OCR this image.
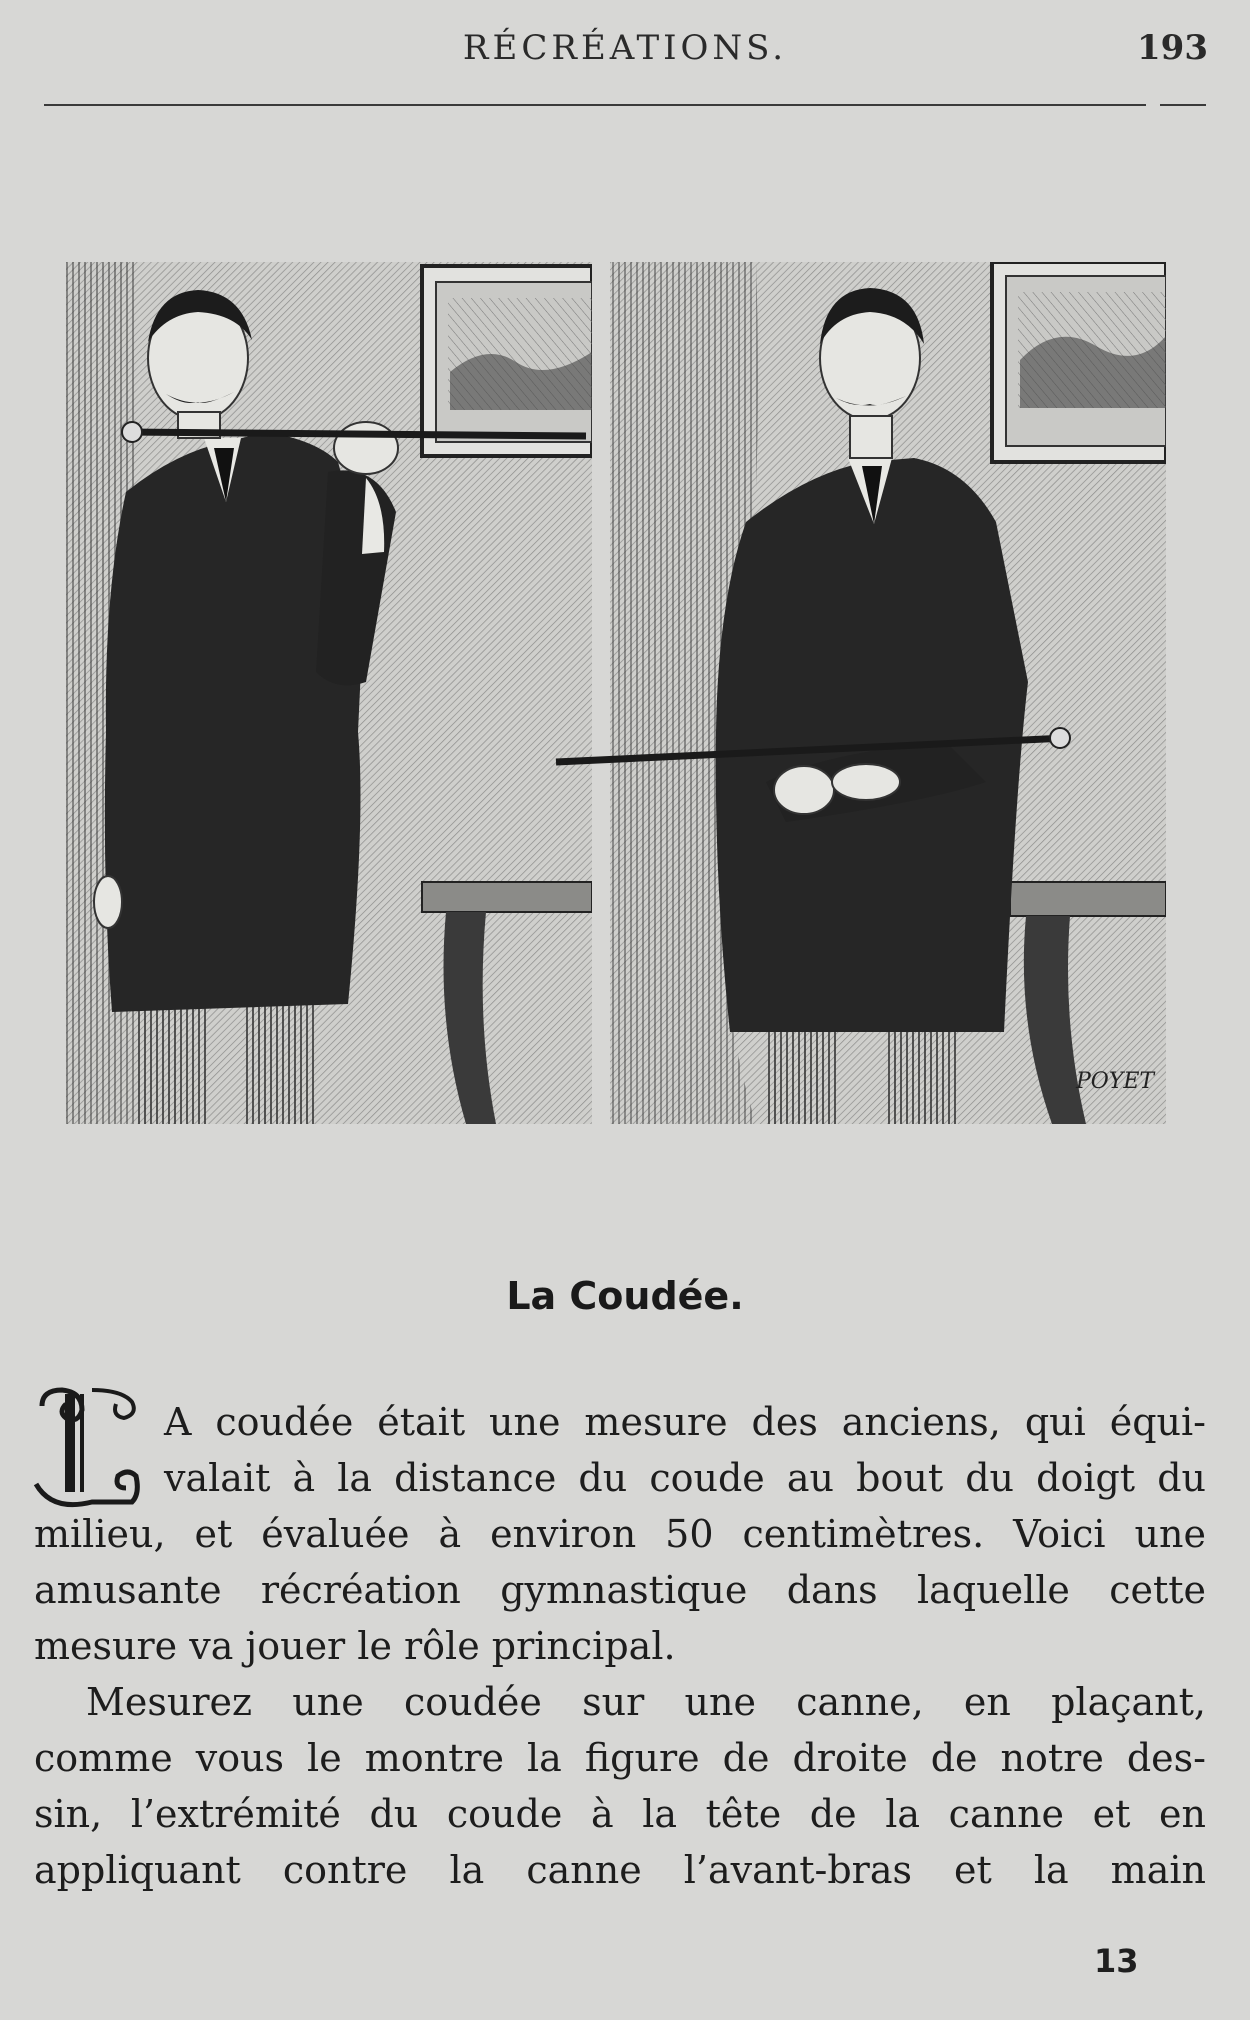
RÉCRÉATIONS.	193
POYET
La Coudée.
A coudée était une mesure des anciens, qui équi-
valait à la distance du coude au bout du doigt du
milieu, et évaluée à environ 50 centimètres. Voici une
amusante récréation gymnastique dans laquelle cette
mesure va jouer le rôle principal.
Mesurez une coudée sur une canne, en plaçant,
comme vous le montre la figure de droite de notre des-
sin, l’extrémité du coude à la tête de la canne et en
appliquant contre la canne l’avant-bras et la main
13
